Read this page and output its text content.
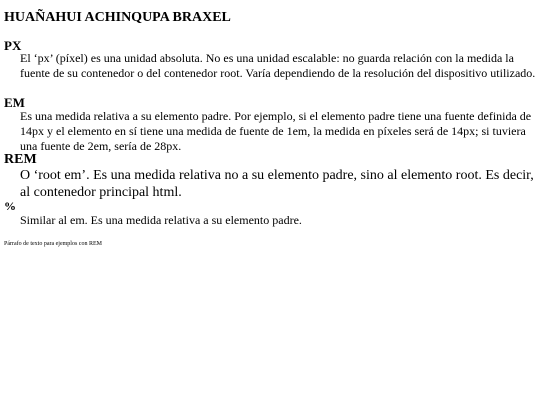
HUAÑAHUI ACHINQUPA BRAXEL
PX
El ‘px’ (píxel) es una unidad absoluta. No es una unidad escalable: no guarda relación con la medida la fuente de su contenedor o del contenedor root. Varía dependiendo de la resolución del dispositivo utilizado.
EM
Es una medida relativa a su elemento padre. Por ejemplo, si el elemento padre tiene una fuente definida de 14px y el elemento en sí tiene una medida de fuente de 1em, la medida en píxeles será de 14px; si tuviera una fuente de 2em, sería de 28px.
REM
O ‘root em’. Es una medida relativa no a su elemento padre, sino al elemento root. Es decir, al contenedor principal html.
%
Similar al em. Es una medida relativa a su elemento padre.

Párrafo de texto para ejemplos con REM
